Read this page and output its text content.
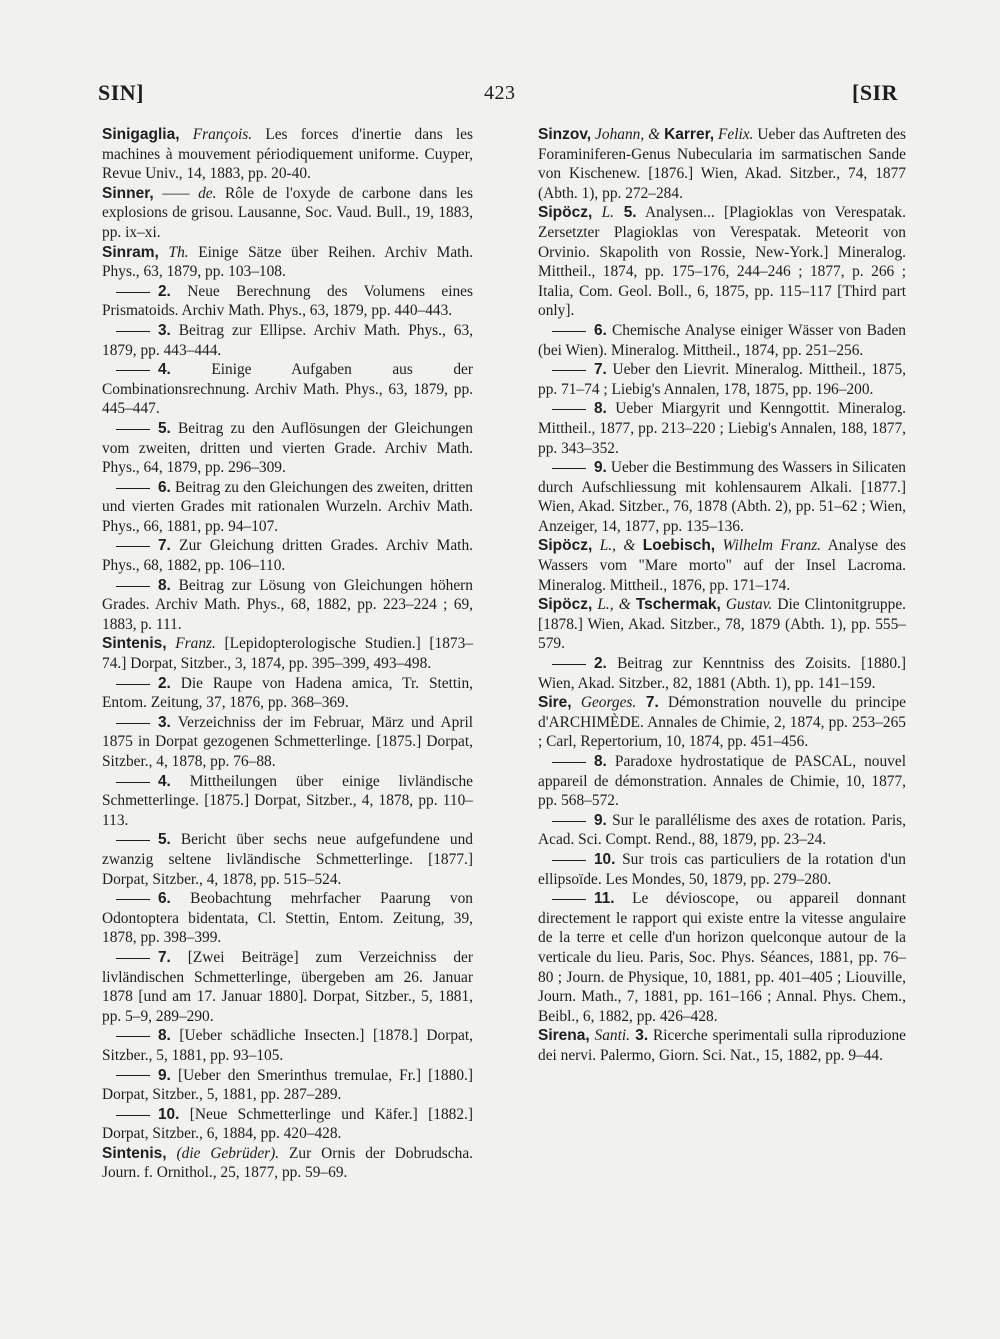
SIN]	423	[SIR

Sinigaglia, François. Les forces d'inertie dans les machines à mouvement périodiquement uniforme. Cuyper, Revue Univ., 14, 1883, pp. 20-40.

Sinner, —— de. Rôle de l'oxyde de carbone dans les explosions de grisou. Lausanne, Soc. Vaud. Bull., 19, 1883, pp. ix–xi.

Sinram, Th. Einige Sätze über Reihen. Archiv Math. Phys., 63, 1879, pp. 103–108.

2. Neue Berechnung des Volumens eines Prismatoids. Archiv Math. Phys., 63, 1879, pp. 440–443.

3. Beitrag zur Ellipse. Archiv Math. Phys., 63, 1879, pp. 443–444.

4. Einige Aufgaben aus der Combinationsrechnung. Archiv Math. Phys., 63, 1879, pp. 445–447.

5. Beitrag zu den Auflösungen der Gleichungen vom zweiten, dritten und vierten Grade. Archiv Math. Phys., 64, 1879, pp. 296–309.

6. Beitrag zu den Gleichungen des zweiten, dritten und vierten Grades mit rationalen Wurzeln. Archiv Math. Phys., 66, 1881, pp. 94–107.

7. Zur Gleichung dritten Grades. Archiv Math. Phys., 68, 1882, pp. 106–110.

8. Beitrag zur Lösung von Gleichungen höhern Grades. Archiv Math. Phys., 68, 1882, pp. 223–224 ; 69, 1883, p. 111.

Sintenis, Franz. [Lepidopterologische Studien.] [1873–74.] Dorpat, Sitzber., 3, 1874, pp. 395–399, 493–498.

2. Die Raupe von Hadena amica, Tr. Stettin, Entom. Zeitung, 37, 1876, pp. 368–369.

3. Verzeichniss der im Februar, März und April 1875 in Dorpat gezogenen Schmetterlinge. [1875.] Dorpat, Sitzber., 4, 1878, pp. 76–88.

4. Mittheilungen über einige livländische Schmetterlinge. [1875.] Dorpat, Sitzber., 4, 1878, pp. 110–113.

5. Bericht über sechs neue aufgefundene und zwanzig seltene livländische Schmetterlinge. [1877.] Dorpat, Sitzber., 4, 1878, pp. 515–524.

6. Beobachtung mehrfacher Paarung von Odontoptera bidentata, Cl. Stettin, Entom. Zeitung, 39, 1878, pp. 398–399.

7. [Zwei Beiträge] zum Verzeichniss der livländischen Schmetterlinge, übergeben am 26. Januar 1878 [und am 17. Januar 1880]. Dorpat, Sitzber., 5, 1881, pp. 5–9, 289–290.

8. [Ueber schädliche Insecten.] [1878.] Dorpat, Sitzber., 5, 1881, pp. 93–105.

9. [Ueber den Smerinthus tremulae, Fr.] [1880.] Dorpat, Sitzber., 5, 1881, pp. 287–289.

10. [Neue Schmetterlinge und Käfer.] [1882.] Dorpat, Sitzber., 6, 1884, pp. 420–428.

Sintenis, (die Gebrüder). Zur Ornis der Dobrudscha. Journ. f. Ornithol., 25, 1877, pp. 59–69.

Sinzov, Johann, & Karrer, Felix. Ueber das Auftreten des Foraminiferen-Genus Nubecularia im sarmatischen Sande von Kischenew. [1876.] Wien, Akad. Sitzber., 74, 1877 (Abth. 1), pp. 272–284.

Sipöcz, L. 5. Analysen... [Plagioklas von Verespatak. Zersetzter Plagioklas von Verespatak. Meteorit von Orvinio. Skapolith von Rossie, New-York.] Mineralog. Mittheil., 1874, pp. 175–176, 244–246 ; 1877, p. 266 ; Italia, Com. Geol. Boll., 6, 1875, pp. 115–117 [Third part only].

6. Chemische Analyse einiger Wässer von Baden (bei Wien). Mineralog. Mittheil., 1874, pp. 251–256.

7. Ueber den Lievrit. Mineralog. Mittheil., 1875, pp. 71–74 ; Liebig's Annalen, 178, 1875, pp. 196–200.

8. Ueber Miargyrit und Kenngottit. Mineralog. Mittheil., 1877, pp. 213–220 ; Liebig's Annalen, 188, 1877, pp. 343–352.

9. Ueber die Bestimmung des Wassers in Silicaten durch Aufschliessung mit kohlensaurem Alkali. [1877.] Wien, Akad. Sitzber., 76, 1878 (Abth. 2), pp. 51–62 ; Wien, Anzeiger, 14, 1877, pp. 135–136.

Sipöcz, L., & Loebisch, Wilhelm Franz. Analyse des Wassers vom "Mare morto" auf der Insel Lacroma. Mineralog. Mittheil., 1876, pp. 171–174.

Sipöcz, L., & Tschermak, Gustav. Die Clintonitgruppe. [1878.] Wien, Akad. Sitzber., 78, 1879 (Abth. 1), pp. 555–579.

2. Beitrag zur Kenntniss des Zoisits. [1880.] Wien, Akad. Sitzber., 82, 1881 (Abth. 1), pp. 141–159.

Sire, Georges. 7. Démonstration nouvelle du principe d'ARCHIMÈDE. Annales de Chimie, 2, 1874, pp. 253–265 ; Carl, Repertorium, 10, 1874, pp. 451–456.

8. Paradoxe hydrostatique de PASCAL, nouvel appareil de démonstration. Annales de Chimie, 10, 1877, pp. 568–572.

9. Sur le parallélisme des axes de rotation. Paris, Acad. Sci. Compt. Rend., 88, 1879, pp. 23–24.

10. Sur trois cas particuliers de la rotation d'un ellipsoïde. Les Mondes, 50, 1879, pp. 279–280.

11. Le déviosсope, ou appareil donnant directement le rapport qui existe entre la vitesse angulaire de la terre et celle d'un horizon quelconque autour de la verticale du lieu. Paris, Soc. Phys. Séances, 1881, pp. 76–80 ; Journ. de Physique, 10, 1881, pp. 401–405 ; Liouville, Journ. Math., 7, 1881, pp. 161–166 ; Annal. Phys. Chem., Beibl., 6, 1882, pp. 426–428.

Sirena, Santi. 3. Ricerche sperimentali sulla riproduzione dei nervi. Palermo, Giorn. Sci. Nat., 15, 1882, pp. 9–44.
